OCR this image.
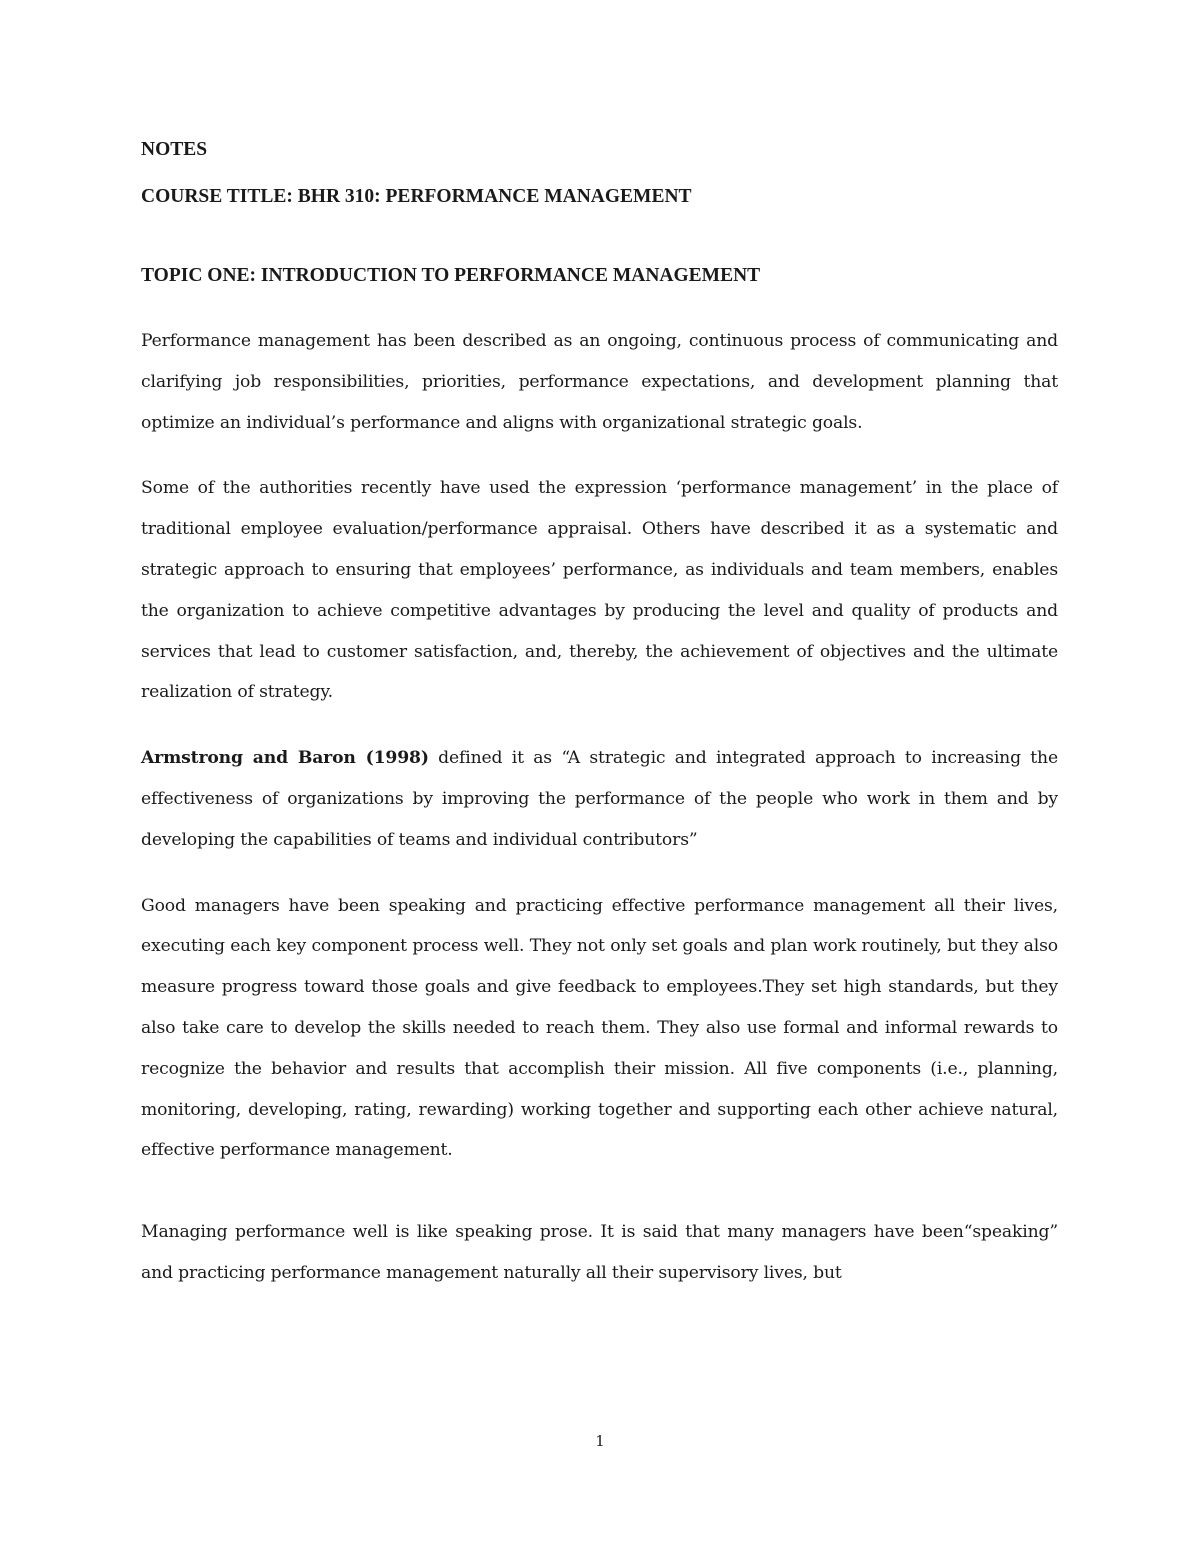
NOTES

COURSE TITLE: BHR 310: PERFORMANCE MANAGEMENT

TOPIC ONE: INTRODUCTION TO PERFORMANCE MANAGEMENT

Performance management has been described as an ongoing, continuous process of communicating and clarifying job responsibilities, priorities, performance expectations, and development planning that optimize an individual’s performance and aligns with organizational strategic goals.

Some of the authorities recently have used the expression ‘performance management’ in the place of traditional employee evaluation/performance appraisal. Others have described it as a systematic and strategic approach to ensuring that employees’ performance, as individuals and team members, enables the organization to achieve competitive advantages by producing the level and quality of products and services that lead to customer satisfaction, and, thereby, the achievement of objectives and the ultimate realization of strategy.

Armstrong and Baron (1998) defined it as “A strategic and integrated approach to increasing the effectiveness of organizations by improving the performance of the people who work in them and by developing the capabilities of teams and individual contributors”

Good managers have been speaking and practicing effective performance management all their lives, executing each key component process well. They not only set goals and plan work routinely, but they also measure progress toward those goals and give feedback to employees.They set high standards, but they also take care to develop the skills needed to reach them. They also use formal and informal rewards to recognize the behavior and results that accomplish their mission. All five components (i.e., planning, monitoring, developing, rating, rewarding) working together and supporting each other achieve natural, effective performance management.

Managing performance well is like speaking prose. It is said that many managers have been“speaking” and practicing performance management naturally all their supervisory lives, but

1
